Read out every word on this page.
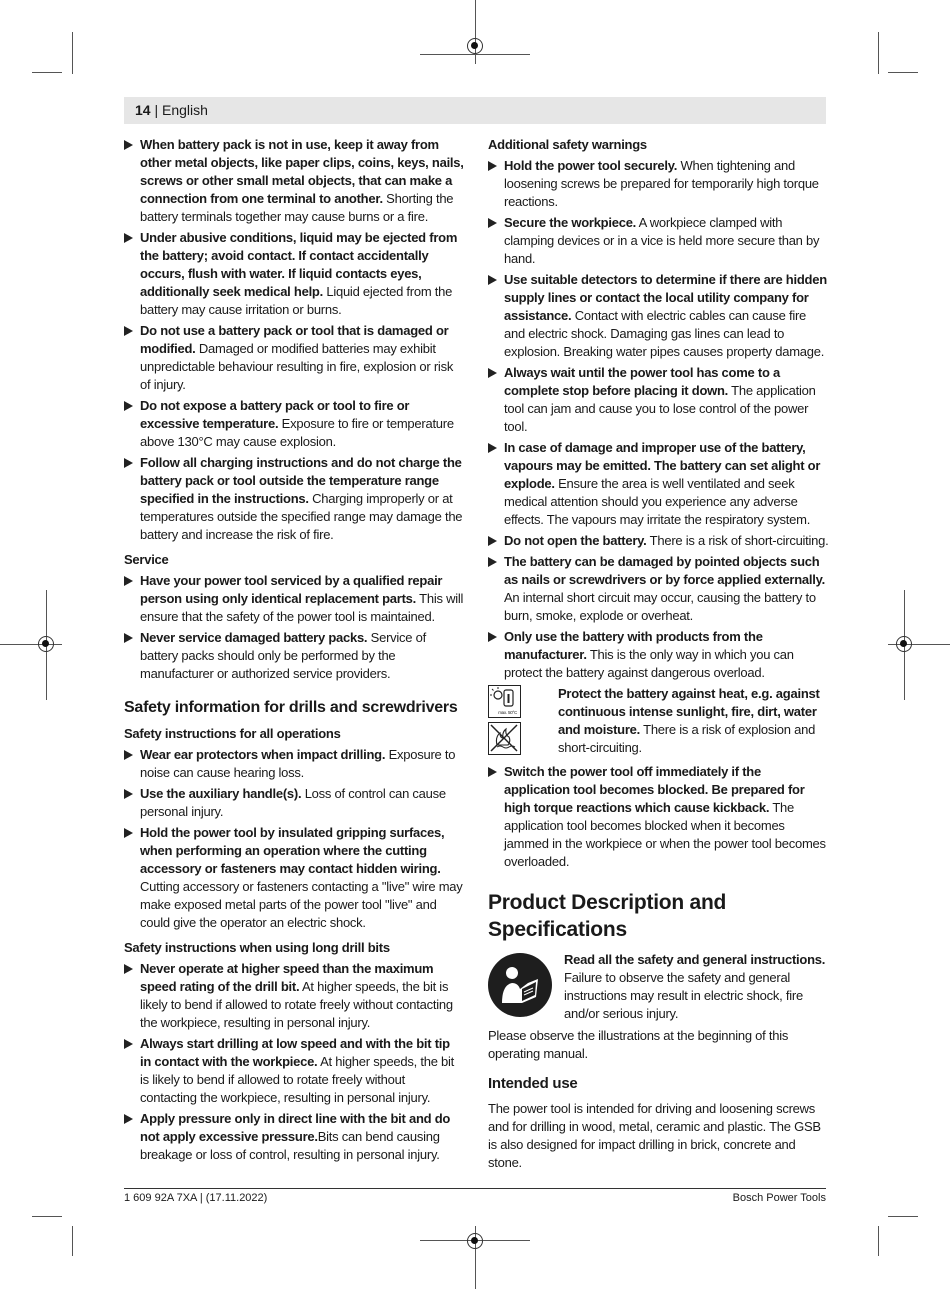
14 | English
When battery pack is not in use, keep it away from other metal objects, like paper clips, coins, keys, nails, screws or other small metal objects, that can make a connection from one terminal to another. Shorting the battery terminals together may cause burns or a fire.
Under abusive conditions, liquid may be ejected from the battery; avoid contact. If contact accidentally occurs, flush with water. If liquid contacts eyes, additionally seek medical help. Liquid ejected from the battery may cause irritation or burns.
Do not use a battery pack or tool that is damaged or modified. Damaged or modified batteries may exhibit unpredictable behaviour resulting in fire, explosion or risk of injury.
Do not expose a battery pack or tool to fire or excessive temperature. Exposure to fire or temperature above 130°C may cause explosion.
Follow all charging instructions and do not charge the battery pack or tool outside the temperature range specified in the instructions. Charging improperly or at temperatures outside the specified range may damage the battery and increase the risk of fire.
Service
Have your power tool serviced by a qualified repair person using only identical replacement parts. This will ensure that the safety of the power tool is maintained.
Never service damaged battery packs. Service of battery packs should only be performed by the manufacturer or authorized service providers.
Safety information for drills and screwdrivers
Safety instructions for all operations
Wear ear protectors when impact drilling. Exposure to noise can cause hearing loss.
Use the auxiliary handle(s). Loss of control can cause personal injury.
Hold the power tool by insulated gripping surfaces, when performing an operation where the cutting accessory or fasteners may contact hidden wiring. Cutting accessory or fasteners contacting a "live" wire may make exposed metal parts of the power tool "live" and could give the operator an electric shock.
Safety instructions when using long drill bits
Never operate at higher speed than the maximum speed rating of the drill bit. At higher speeds, the bit is likely to bend if allowed to rotate freely without contacting the workpiece, resulting in personal injury.
Always start drilling at low speed and with the bit tip in contact with the workpiece. At higher speeds, the bit is likely to bend if allowed to rotate freely without contacting the workpiece, resulting in personal injury.
Apply pressure only in direct line with the bit and do not apply excessive pressure.Bits can bend causing breakage or loss of control, resulting in personal injury.
Additional safety warnings
Hold the power tool securely. When tightening and loosening screws be prepared for temporarily high torque reactions.
Secure the workpiece. A workpiece clamped with clamping devices or in a vice is held more secure than by hand.
Use suitable detectors to determine if there are hidden supply lines or contact the local utility company for assistance. Contact with electric cables can cause fire and electric shock. Damaging gas lines can lead to explosion. Breaking water pipes causes property damage.
Always wait until the power tool has come to a complete stop before placing it down. The application tool can jam and cause you to lose control of the power tool.
In case of damage and improper use of the battery, vapours may be emitted. The battery can set alight or explode. Ensure the area is well ventilated and seek medical attention should you experience any adverse effects. The vapours may irritate the respiratory system.
Do not open the battery. There is a risk of short-circuiting.
The battery can be damaged by pointed objects such as nails or screwdrivers or by force applied externally. An internal short circuit may occur, causing the battery to burn, smoke, explode or overheat.
Only use the battery with products from the manufacturer. This is the only way in which you can protect the battery against dangerous overload.
max. 50°C
Protect the battery against heat, e.g. against continuous intense sunlight, fire, dirt, water and moisture. There is a risk of explosion and short-circuiting.
Switch the power tool off immediately if the application tool becomes blocked. Be prepared for high torque reactions which cause kickback. The application tool becomes blocked when it becomes jammed in the workpiece or when the power tool becomes overloaded.
Product Description and Specifications
Read all the safety and general instructions. Failure to observe the safety and general instructions may result in electric shock, fire and/or serious injury.
Please observe the illustrations at the beginning of this operating manual.
Intended use
The power tool is intended for driving and loosening screws and for drilling in wood, metal, ceramic and plastic. The GSB is also designed for impact drilling in brick, concrete and stone.
1 609 92A 7XA | (17.11.2022)	Bosch Power Tools
